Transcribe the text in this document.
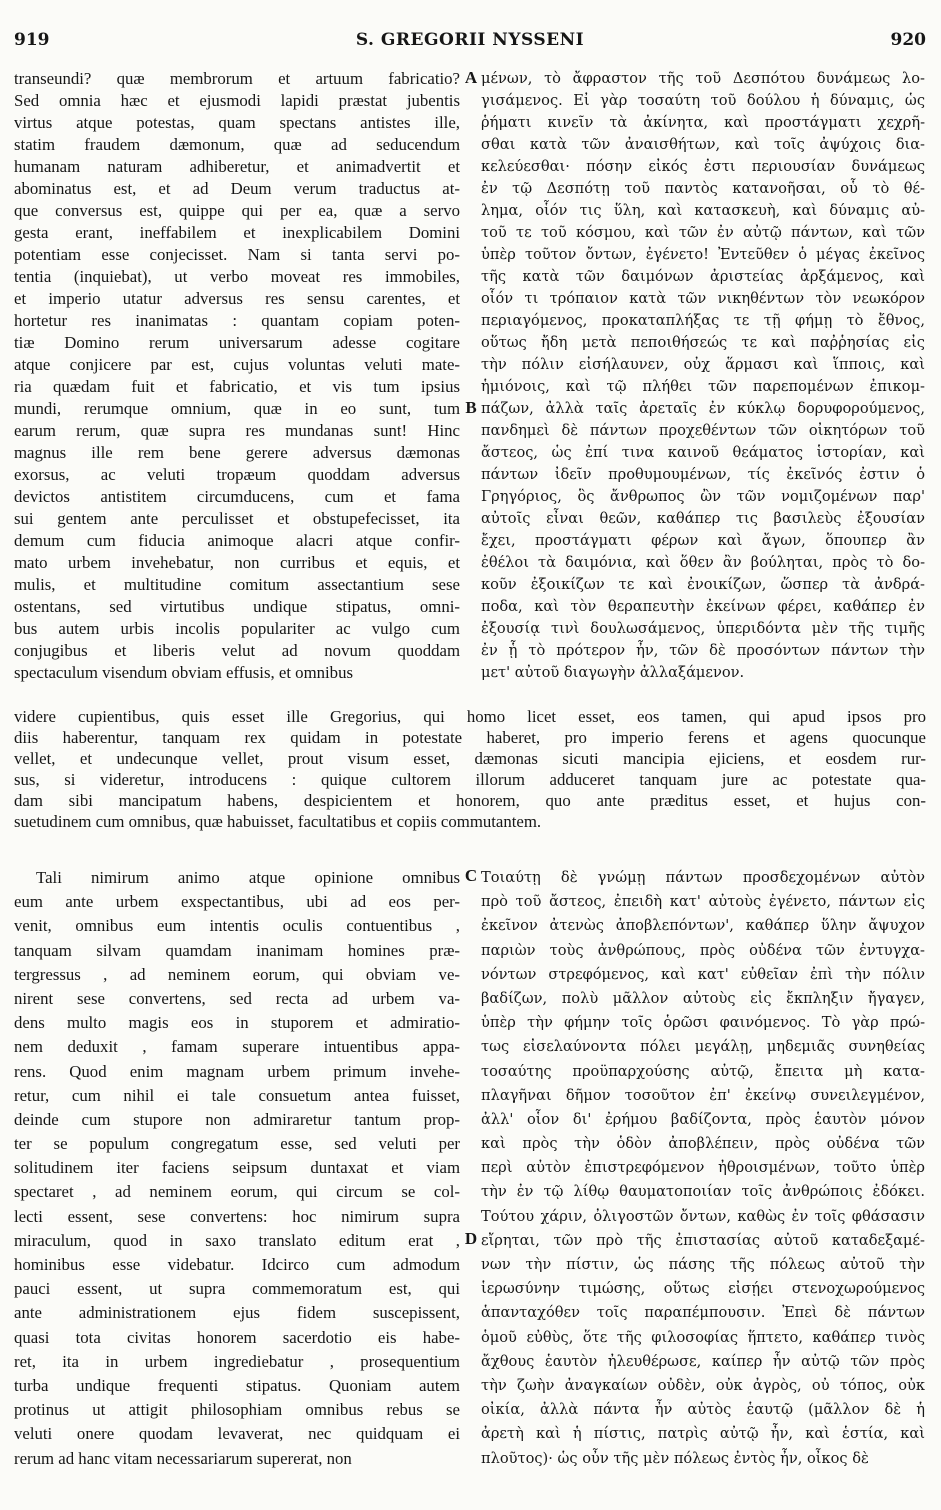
919	S. GREGORII NYSSENI	920
transeundi? quæ membrorum et artuum fabricatio?
Sed omnia hæc et ejusmodi lapidi præstat jubentis
virtus atque potestas, quam spectans antistes ille,
statim fraudem dæmonum, quæ ad seducendum
humanam naturam adhiberetur, et animadvertit et
abominatus est, et ad Deum verum traductus at-
que conversus est, quippe qui per ea, quæ a servo
gesta erant, ineffabilem et inexplicabilem Domini
potentiam esse conjecisset. Nam si tanta servi po-
tentia (inquiebat), ut verbo moveat res immobiles,
et imperio utatur adversus res sensu carentes, et
hortetur res inanimatas : quantam copiam poten-
tiæ Domino rerum universarum adesse cogitare
atque conjicere par est, cujus voluntas veluti mate-
ria quædam fuit et fabricatio, et vis tum ipsius
mundi, rerumque omnium, quæ in eo sunt, tum
earum rerum, quæ supra res mundanas sunt! Hinc
magnus ille rem bene gerere adversus dæmonas
exorsus, ac veluti tropæum quoddam adversus
devictos antistitem circumducens, cum et fama
sui gentem ante perculisset et obstupefecisset, ita
demum cum fiducia animoque alacri atque confir-
mato urbem invehebatur, non curribus et equis, et
mulis, et multitudine comitum assectantium sese
ostentans, sed virtutibus undique stipatus, omni-
bus autem urbis incolis populariter ac vulgo cum
conjugibus et liberis velut ad novum quoddam
spectaculum visendum obviam effusis, et omnibus
μένων, τὸ ἄφραστον τῆς τοῦ Δεσπότου δυνάμεως λο-
γισάμενος. Εἰ γὰρ τοσαύτη τοῦ δούλου ἡ δύναμις, ὡς
ῥήματι κινεῖν τὰ ἀκίνητα, καὶ προστάγματι χεχρῆ-
σθαι κατὰ τῶν ἀναισθήτων, καὶ τοῖς ἀψύχοις δια-
κελεύεσθαι· πόσην εἰκός ἐστι περιουσίαν δυνάμεως
ἐν τῷ Δεσπότῃ τοῦ παντὸς κατανοῆσαι, οὗ τὸ θέ-
λημα, οἷόν τις ὕλη, καὶ κατασκευὴ, καὶ δύναμις αὐ-
τοῦ τε τοῦ κόσμου, καὶ τῶν ἐν αὐτῷ πάντων, καὶ τῶν
ὑπὲρ τοῦτον ὄντων, ἐγένετο! Ἐντεῦθεν ὁ μέγας ἐκεῖνος
τῆς κατὰ τῶν δαιμόνων ἀριστείας ἀρξάμενος, καὶ
οἷόν τι τρόπαιον κατὰ τῶν νικηθέντων τὸν νεωκόρον
περιαγόμενος, προκαταπλήξας τε τῇ φήμῃ τὸ ἔθνος,
οὕτως ἤδη μετὰ πεποιθήσεώς τε καὶ παῤῥησίας εἰς
τὴν πόλιν εἰσήλαυνεν, οὐχ ἅρμασι καὶ ἵπποις, καὶ
ἡμιόνοις, καὶ τῷ πλήθει τῶν παρεπομένων ἐπικομ-
πάζων, ἀλλὰ ταῖς ἀρεταῖς ἐν κύκλῳ δορυφορούμενος,
πανδημεὶ δὲ πάντων προχεθέντων τῶν οἰκητόρων τοῦ
ἄστεος, ὡς ἐπί τινα καινοῦ θεάματος ἱστορίαν, καὶ
πάντων ἰδεῖν προθυμουμένων, τίς ἐκεῖνός ἐστιν ὁ
Γρηγόριος, ὃς ἄνθρωπος ὢν τῶν νομιζομένων παρ'
αὐτοῖς εἶναι θεῶν, καθάπερ τις βασιλεὺς ἐξουσίαν
ἔχει, προστάγματι φέρων καὶ ἄγων, ὅπουπερ ἂν
ἐθέλοι τὰ δαιμόνια, καὶ ὅθεν ἂν βούληται, πρὸς τὸ δο-
κοῦν ἐξοικίζων τε καὶ ἐνοικίζων, ὥσπερ τὰ ἀνδρά-
ποδα, καὶ τὸν θεραπευτὴν ἐκείνων φέρει, καθάπερ ἐν
ἐξουσίᾳ τινὶ δουλωσάμενος, ὑπεριδόντα μὲν τῆς τιμῆς
ἐν ᾗ τὸ πρότερον ἦν, τῶν δὲ προσόντων πάντων τὴν
μετ' αὐτοῦ διαγωγὴν ἀλλαξάμενον.
videre cupientibus, quis esset ille Gregorius, qui homo licet esset, eos tamen, qui apud ipsos pro
diis haberentur, tanquam rex quidam in potestate haberet, pro imperio ferens et agens quocunque
vellet, et undecunque vellet, prout visum esset, dæmonas sicuti mancipia ejiciens, et eosdem rur-
sus, si videretur, introducens : quique cultorem illorum adduceret tanquam jure ac potestate qua-
dam sibi mancipatum habens, despicientem et honorem, quo ante præditus esset, et hujus con-
suetudinem cum omnibus, quæ habuisset, facultatibus et copiis commutantem.
Tali nimirum animo atque opinione omnibus
eum ante urbem exspectantibus, ubi ad eos per-
venit, omnibus eum intentis oculis contuentibus ,
tanquam silvam quamdam inanimam homines præ-
tergressus , ad neminem eorum, qui obviam ve-
nirent sese convertens, sed recta ad urbem va-
dens multo magis eos in stuporem et admiratio-
nem deduxit , famam superare intuentibus appa-
rens. Quod enim magnam urbem primum invehe-
retur, cum nihil ei tale consuetum antea fuisset,
deinde cum stupore non admiraretur tantum prop-
ter se populum congregatum esse, sed veluti per
solitudinem iter faciens seipsum duntaxat et viam
spectaret , ad neminem eorum, qui circum se col-
lecti essent, sese convertens: hoc nimirum supra
miraculum, quod in saxo translato editum erat ,
hominibus esse videbatur. Idcirco cum admodum
pauci essent, ut supra commemoratum est, qui
ante administrationem ejus fidem suscepissent,
quasi tota civitas honorem sacerdotio eis habe-
ret, ita in urbem ingrediebatur , prosequentium
turba undique frequenti stipatus. Quoniam autem
protinus ut attigit philosophiam omnibus rebus se
veluti onere quodam levaverat, nec quidquam ei
rerum ad hanc vitam necessariarum supererat, non
Τοιαύτῃ δὲ γνώμῃ πάντων προσδεχομένων αὐτὸν
πρὸ τοῦ ἄστεος, ἐπειδὴ κατ' αὐτοὺς ἐγένετο, πάντων εἰς
ἐκεῖνον ἀτενὼς ἀποβλεπόντων', καθάπερ ὕλην ἄψυχον
παριὼν τοὺς ἀνθρώπους, πρὸς οὐδένα τῶν ἐντυγχα-
νόντων στρεφόμενος, καὶ κατ' εὐθεῖαν ἐπὶ τὴν πόλιν
βαδίζων, πολὺ μᾶλλον αὐτοὺς εἰς ἔκπληξιν ἤγαγεν,
ὑπὲρ τὴν φήμην τοῖς ὁρῶσι φαινόμενος. Τὸ γὰρ πρώ-
τως εἰσελαύνοντα πόλει μεγάλῃ, μηδεμιᾶς συνηθείας
τοσαύτης προϋπαρχούσης αὐτῷ, ἔπειτα μὴ κατα-
πλαγῆναι δῆμον τοσοῦτον ἐπ' ἐκείνῳ συνειλεγμένον,
ἀλλ' οἷον δι' ἐρήμου βαδίζοντα, πρὸς ἑαυτὸν μόνον
καὶ πρὸς τὴν ὁδὸν ἀποβλέπειν, πρὸς οὐδένα τῶν
περὶ αὐτὸν ἐπιστρεφόμενον ἠθροισμένων, τοῦτο ὑπὲρ
τὴν ἐν τῷ λίθῳ θαυματοποιίαν τοῖς ἀνθρώποις ἐδόκει.
Τούτου χάριν, ὀλιγοστῶν ὄντων, καθὼς ἐν τοῖς φθάσασιν
εἴρηται, τῶν πρὸ τῆς ἐπιστασίας αὐτοῦ καταδεξαμέ-
νων τὴν πίστιν, ὡς πάσης τῆς πόλεως αὐτοῦ τὴν
ἱερωσύνην τιμώσης, οὕτως εἰσῄει στενοχωρούμενος
ἁπανταχόθεν τοῖς παραπέμπουσιν. Ἐπεὶ δὲ πάντων
ὁμοῦ εὐθὺς, ὅτε τῆς φιλοσοφίας ἥπτετο, καθάπερ τινὸς
ἄχθους ἑαυτὸν ἠλευθέρωσε, καίπερ ἦν αὐτῷ τῶν πρὸς
τὴν ζωὴν ἀναγκαίων οὐδὲν, οὐκ ἀγρὸς, οὐ τόπος, οὐκ
οἰκία, ἀλλὰ πάντα ἦν αὐτὸς ἑαυτῷ (μᾶλλον δὲ ἡ
ἀρετὴ καὶ ἡ πίστις, πατρὶς αὐτῷ ἦν, καὶ ἑστία, καὶ
πλοῦτος)· ὡς οὖν τῆς μὲν πόλεως ἐντὸς ἦν, οἶκος δὲ
A
B
C
D
